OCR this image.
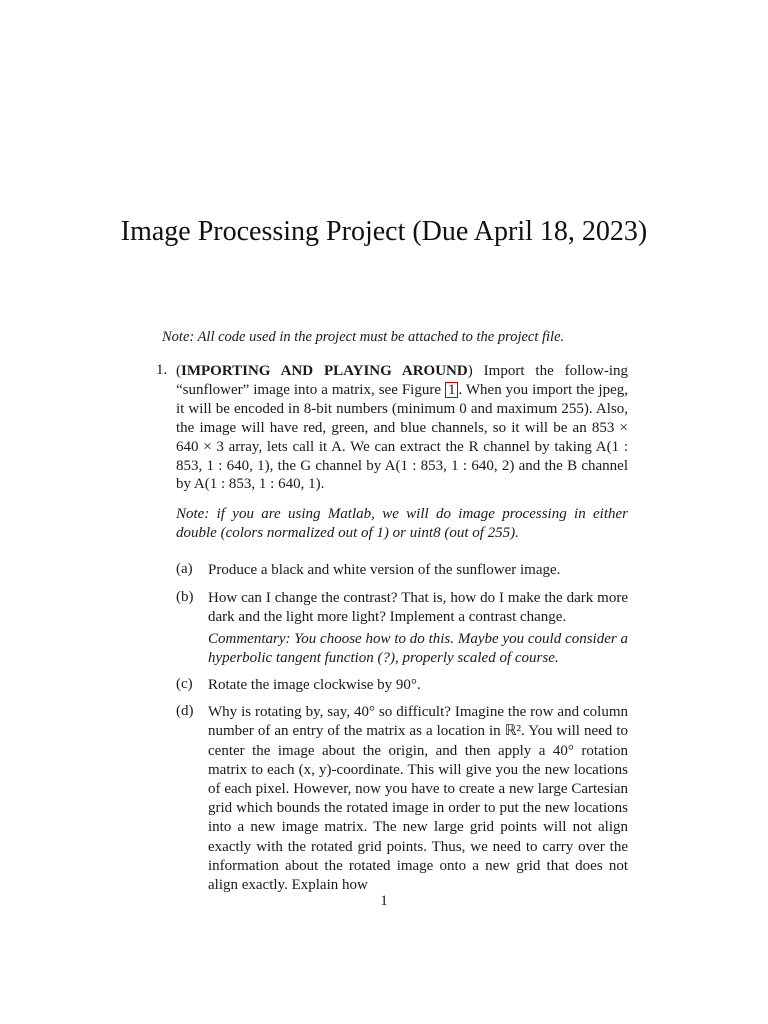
Image Processing Project (Due April 18, 2023)
Note: All code used in the project must be attached to the project file.
1. (IMPORTING AND PLAYING AROUND) Import the follow-ing “sunflower” image into a matrix, see Figure 1 . When you import the jpeg, it will be encoded in 8-bit numbers (minimum 0 and maximum 255). Also, the image will have red, green, and blue channels, so it will be an 853 × 640 × 3 array, lets call it A. We can extract the R channel by taking A(1 : 853, 1 : 640, 1), the G channel by A(1 : 853, 1 : 640, 2) and the B channel by A(1 : 853, 1 : 640, 1).
Note: if you are using Matlab, we will do image processing in either double (colors normalized out of 1) or uint8 (out of 255).
(a) Produce a black and white version of the sunflower image.
(b) How can I change the contrast? That is, how do I make the dark more dark and the light more light? Implement a contrast change.
Commentary: You choose how to do this. Maybe you could consider a hyperbolic tangent function (?), properly scaled of course.
(c) Rotate the image clockwise by 90°.
(d) Why is rotating by, say, 40° so difficult? Imagine the row and column number of an entry of the matrix as a location in ℝ². You will need to center the image about the origin, and then apply a 40° rotation matrix to each (x, y)-coordinate. This will give you the new locations of each pixel. However, now you have to create a new large Cartesian grid which bounds the rotated image in order to put the new locations into a new image matrix. The new large grid points will not align exactly with the rotated grid points. Thus, we need to carry over the information about the rotated image onto a new grid that does not align exactly. Explain how
1
